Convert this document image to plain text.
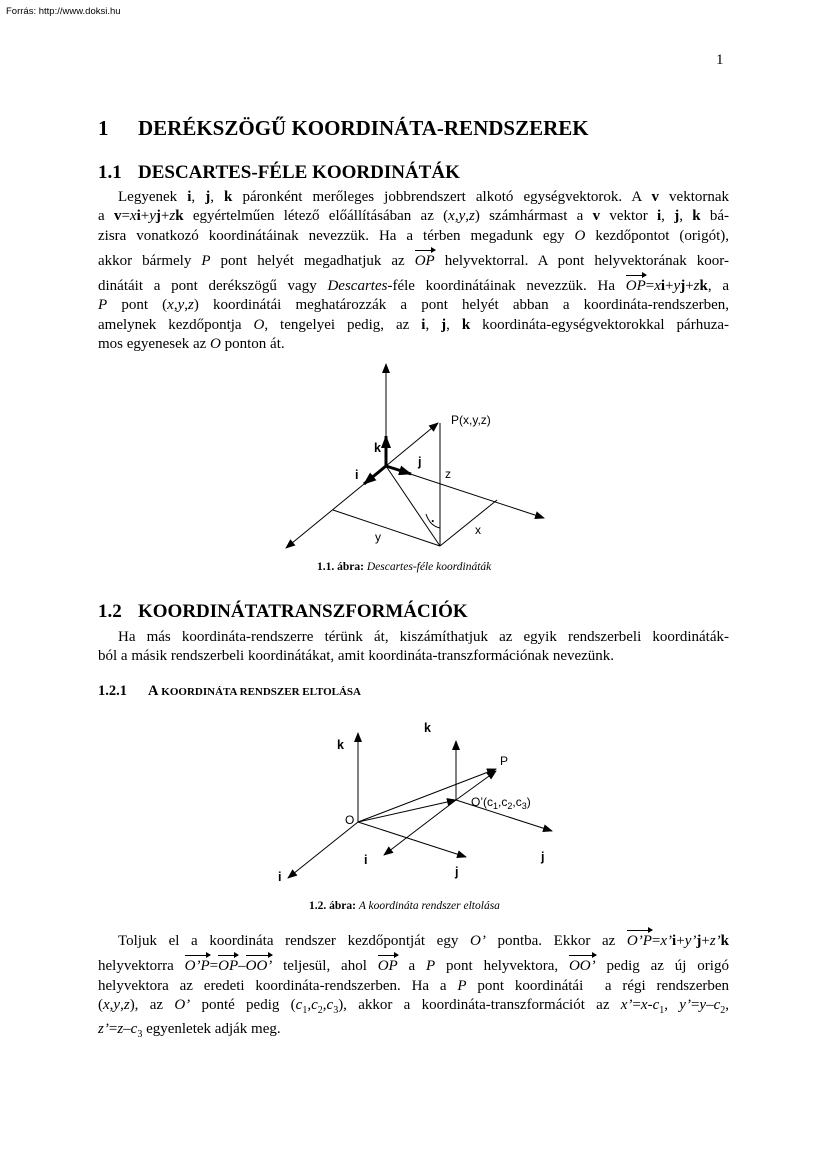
Forrás: http://www.doksi.hu
1
1 DERÉKSZÖGŰ KOORDINÁTA-RENDSZEREK
1.1 DESCARTES-FÉLE KOORDINÁTÁK
Legyenek i, j, k páronként merőleges jobbrendszert alkotó egységvektorok. A v vektornak
a v=xi+yj+zk egyértelműen létező előállításában az (x,y,z) számhármast a v vektor i, j, k bá-
zisra vonatkozó koordinátáinak nevezzük. Ha a térben megadunk egy O kezdőpontot (origót),
akkor bármely P pont helyét megadhatjuk az OP helyvektorral. A pont helyvektorának koor-
dinátáit a pont derékszögű vagy Descartes-féle koordinátáinak nevezzük. Ha OP=xi+yj+zk, a
P pont (x,y,z) koordinátái meghatározzák a pont helyét abban a koordináta-rendszerben,
amelynek kezdőpontja O, tengelyei pedig, az i, j, k koordináta-egységvektorokkal párhuza-
mos egyenesek az O ponton át.
P(x,y,z)
k
i
j
z
x
y
.
1.1. ábra: Descartes-féle koordináták
1.2 KOORDINÁTATRANSZFORMÁCIÓK
Ha más koordináta-rendszerre térünk át, kiszámíthatjuk az egyik rendszerbeli koordináták-
ból a másik rendszerbeli koordinátákat, amit koordináta-transzformációnak nevezünk.
1.2.1 A KOORDINÁTA RENDSZER ELTOLÁSA
k
k
P
O
$O’(c_1,c_2,c_3)$
i
i	j
j
1.2. ábra: A koordináta rendszer eltolása
Toljuk el a koordináta rendszer kezdőpontját egy O’ pontba. Ekkor az O’P=x’i+y’j+z’k
helyvektorra O’P=OP–OO’ teljesül, ahol OP a P pont helyvektora, OO’ pedig az új origó
helyvektora az eredeti koordináta-rendszerben. Ha a P pont koordinátái  a régi rendszerben
(x,y,z), az O’ ponté pedig $(c_1,c_2,c_3)$, akkor a koordináta-transzformációt az $x’=x-c_1$, $y’=y-c_2$,
$z’=z-c_3$ egyenletek adják meg.
